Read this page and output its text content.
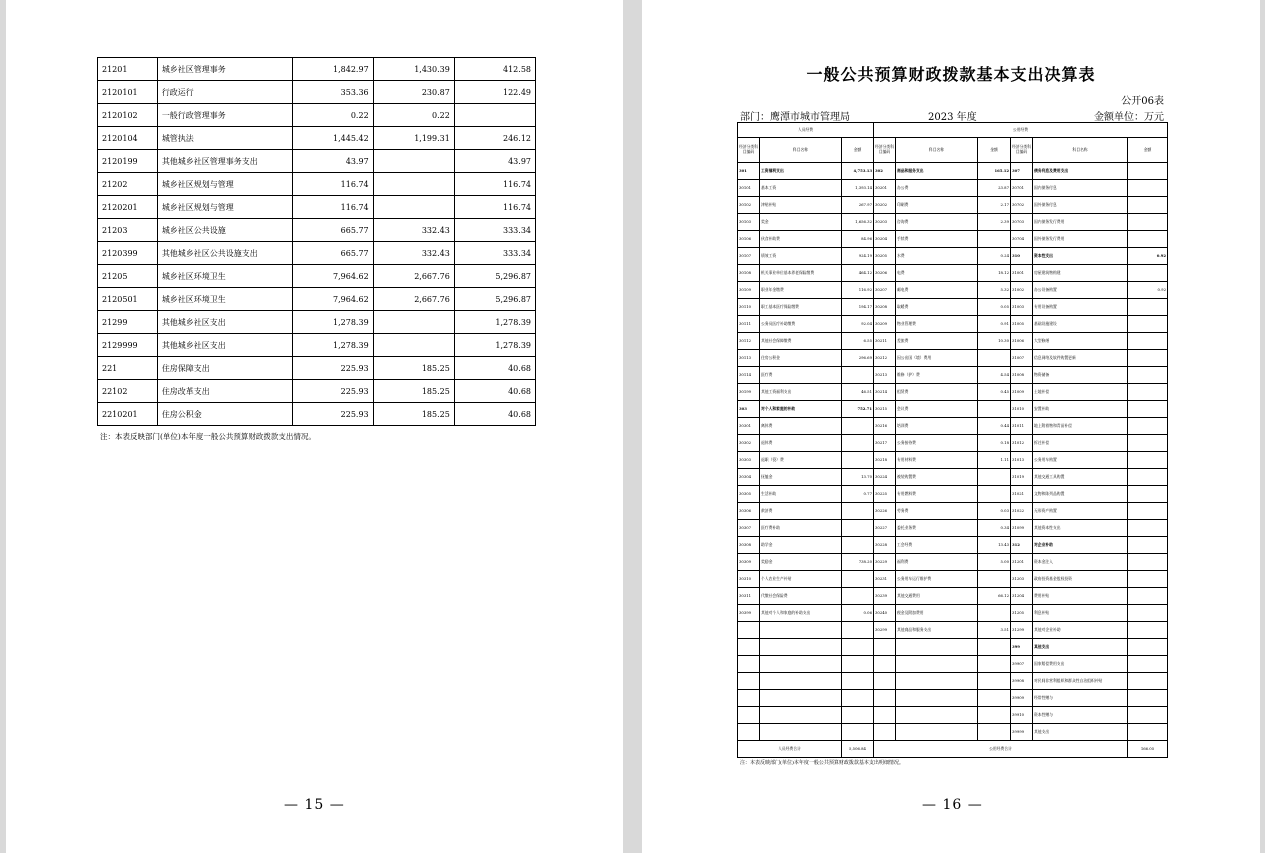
21201	城乡社区管理事务	1,842.97	1,430.39	412.58
2120101	行政运行	353.36	230.87	122.49
2120102	一般行政管理事务	0.22	0.22	
2120104	城管执法	1,445.42	1,199.31	246.12
2120199	其他城乡社区管理事务支出	43.97		43.97
21202	城乡社区规划与管理	116.74		116.74
2120201	城乡社区规划与管理	116.74		116.74
21203	城乡社区公共设施	665.77	332.43	333.34
2120399	其他城乡社区公共设施支出	665.77	332.43	333.34
21205	城乡社区环境卫生	7,964.62	2,667.76	5,296.87
2120501	城乡社区环境卫生	7,964.62	2,667.76	5,296.87
21299	其他城乡社区支出	1,278.39		1,278.39
2129999	其他城乡社区支出	1,278.39		1,278.39
221	住房保障支出	225.93	185.25	40.68
22102	住房改革支出	225.93	185.25	40.68
2210201	住房公积金	225.93	185.25	40.68
注：本表反映部门(单位)本年度一般公共预算财政拨款支出情况。
— 15 —
一般公共预算财政拨款基本支出决算表
公开06表
部门：鹰潭市城市管理局	2023 年度	金额单位：万元
人员经费			公用经费					
经济分类科目编码	科目名称	金额	经济分类科目编码	科目名称	金额	经济分类科目编码	科目名称	金额
301	工资福利支出	4,753.13	302	商品和服务支出	165.12	307	债务利息及费用支出	
30101	基本工资	1,393.14	30201	办公费	23.87	30701	国内债务付息	
30102	津贴补贴	267.97	30202	印刷费	2.17	30702	国外债务付息	
30103	奖金	1,656.32	30203	咨询费	2.39	30703	国内债务发行费用	
30106	伙食补助费	84.96	30204	手续费		30704	国外债务发行费用	
30107	绩效工资	924.19	30205	水费	0.24	310	资本性支出	0.92
30108	机关事业单位基本养老保险缴费	464.12	30206	电费	18.12	31001	房屋建筑物购建	
30109	职业年金缴费	116.92	30207	邮电费	5.32	31002	办公设备购置	0.92
30110	职工基本医疗保险缴费	194.17	30208	取暖费	0.05	31003	专用设备购置	
30111	公务员医疗补助缴费	92.04	30209	物业管理费	0.91	31005	基础设施建设	
30112	其他社会保障缴费	6.55	30211	差旅费	10.30	31006	大型修缮	
30113	住房公积金	296.69	30212	因公出国（境）费用		31007	信息网络及软件购置更新	
30114	医疗费		30213	维修（护）费	4.54	31008	物资储备	
30199	其他工资福利支出	46.51	30214	租赁费	0.45	31009	土地补偿	
303	对个人和家庭的补助	752.71	30215	会议费		31010	安置补助	
30301	离休费		30216	培训费	0.44	31011	地上附着物和青苗补偿	
30302	退休费		30217	公务接待费	0.18	31012	拆迁补偿	
30303	退职（役）费		30218	专用材料费	1.11	31013	公务用车购置	
30304	抚恤金	13.70	30224	被装购置费		31019	其他交通工具购置	
30305	生活补助	0.77	30225	专用燃料费		31021	文物和陈列品购置	
30306	救济费		30226	劳务费	0.03	31022	无形资产购置	
30307	医疗费补助		30227	委托业务费	0.34	31099	其他资本性支出	
30308	助学金		30228	工会经费	13.43	312	对企业补助	
30309	奖励金	738.20	30229	福利费	5.00	31201	资本金注入	
30310	个人农业生产补贴		30231	公务用车运行维护费		31203	政府投资基金股权投资	
30311	代缴社会保险费		30239	其他交通费用	66.12	31204	费用补贴	
30399	其他对个人和家庭的补助支出	0.06	30240	税金及附加费用		31205	利息补贴	
			30299	其他商品和服务支出	3.51	31299	其他对企业补助	
						399	其他支出	
						39907	国家赔偿费用支出	
						39908	对民间非营利组织和群众性自治组织补贴	
						39909	经常性赠与	
						39910	资本性赠与	
						39999	其他支出	
人员经费合计		5,506.84	公用经费合计					166.05
注：本表反映部门(单位)本年度一般公共预算财政拨款基本支出明细情况。
— 16 —
